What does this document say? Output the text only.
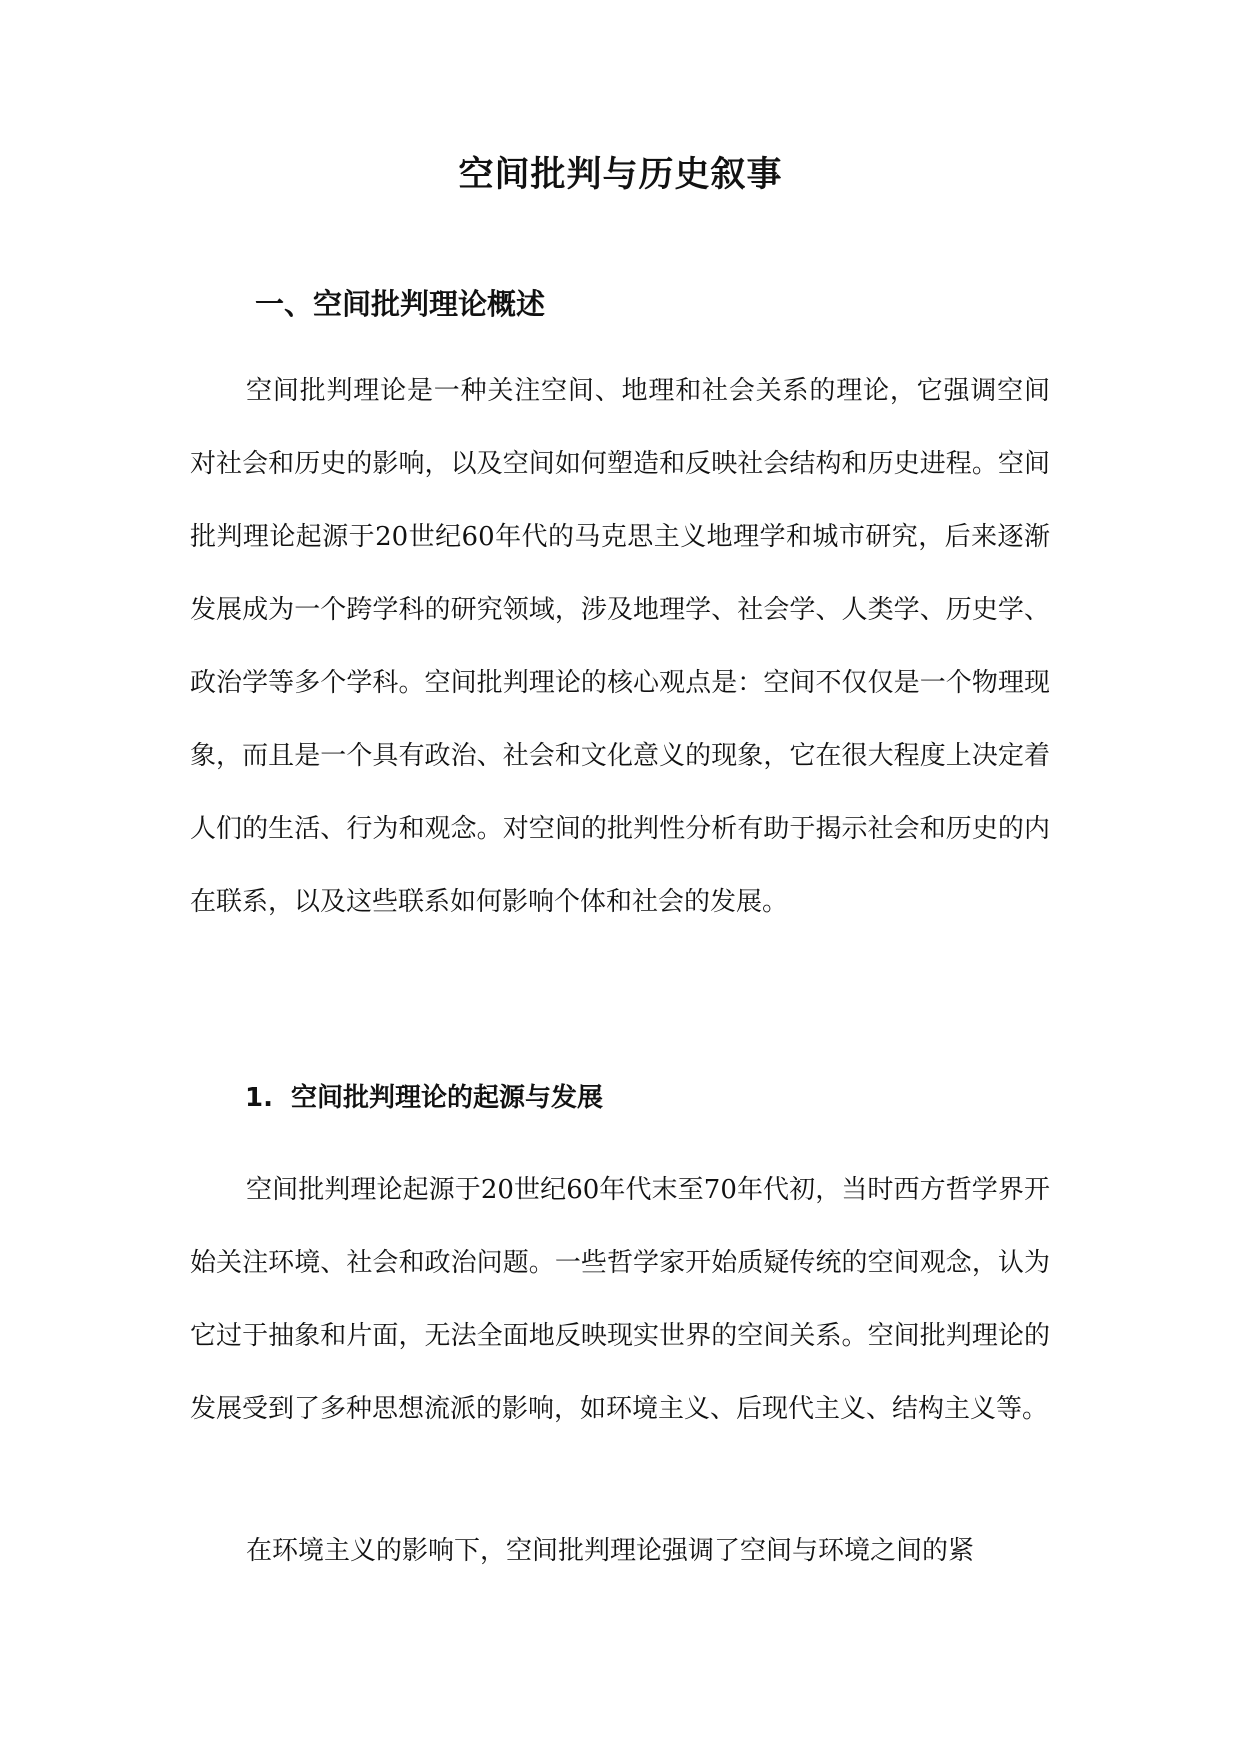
空间批判与历史叙事
一、空间批判理论概述

空间批判理论是一种关注空间、地理和社会关系的理论，它强调空间对社会和历史的影响，以及空间如何塑造和反映社会结构和历史进程。空间批判理论起源于20世纪60年代的马克思主义地理学和城市研究，后来逐渐发展成为一个跨学科的研究领域，涉及地理学、社会学、人类学、历史学、政治学等多个学科。空间批判理论的核心观点是：空间不仅仅是一个物理现象，而且是一个具有政治、社会和文化意义的现象，它在很大程度上决定着人们的生活、行为和观念。对空间的批判性分析有助于揭示社会和历史的内在联系，以及这些联系如何影响个体和社会的发展。

1. 空间批判理论的起源与发展

空间批判理论起源于20世纪60年代末至70年代初，当时西方哲学界开始关注环境、社会和政治问题。一些哲学家开始质疑传统的空间观念，认为它过于抽象和片面，无法全面地反映现实世界的空间关系。空间批判理论的发展受到了多种思想流派的影响，如环境主义、后现代主义、结构主义等。

在环境主义的影响下，空间批判理论强调了空间与环境之间的紧
